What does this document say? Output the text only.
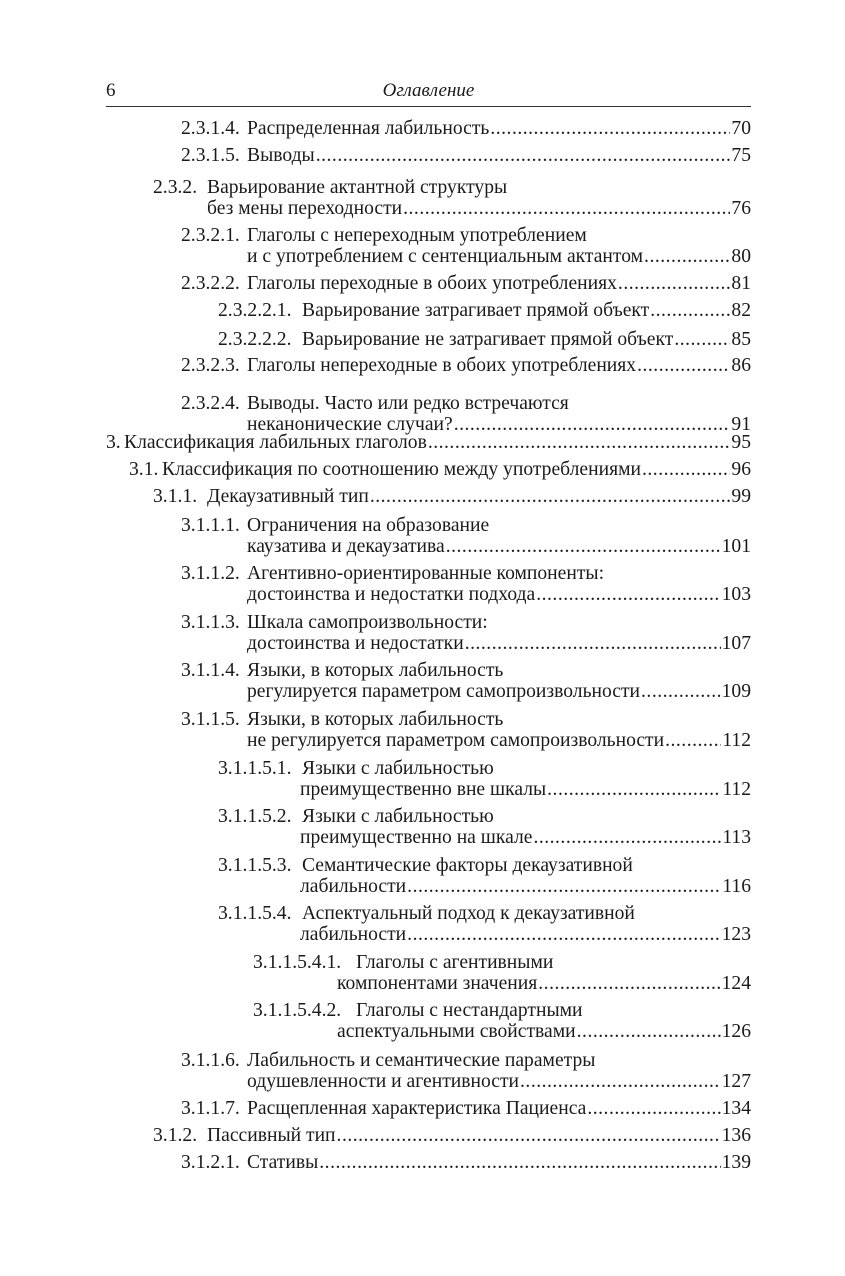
6	Оглавление
2.3.1.4. Распределенная лабильность .....	70
2.3.1.5. Выводы .....	75
2.3.2. Варьирование актантной структуры
без мены переходности .....	76
2.3.2.1. Глаголы с непереходным употреблением
и с употреблением с сентенциальным актантом .....	80
2.3.2.2. Глаголы переходные в обоих употреблениях .....	81
2.3.2.2.1. Варьирование затрагивает прямой объект .....	82
2.3.2.2.2. Варьирование не затрагивает прямой объект .....	85
2.3.2.3. Глаголы непереходные в обоих употреблениях .....	86
2.3.2.4. Выводы. Часто или редко встречаются
неканонические случаи? .....	91
3. Классификация лабильных глаголов .....	95
3.1. Классификация по соотношению между употреблениями .....	96
3.1.1. Декаузативный тип .....	99
3.1.1.1. Ограничения на образование
каузатива и декаузатива .....	101
3.1.1.2. Агентивно-ориентированные компоненты:
достоинства и недостатки подхода .....	103
3.1.1.3. Шкала самопроизвольности:
достоинства и недостатки .....	107
3.1.1.4. Языки, в которых лабильность
регулируется параметром самопроизвольности .....	109
3.1.1.5. Языки, в которых лабильность
не регулируется параметром самопроизвольности .....	112
3.1.1.5.1. Языки с лабильностью
преимущественно вне шкалы .....	112
3.1.1.5.2. Языки с лабильностью
преимущественно на шкале .....	113
3.1.1.5.3. Семантические факторы декаузативной
лабильности .....	116
3.1.1.5.4. Аспектуальный подход к декаузативной
лабильности .....	123
3.1.1.5.4.1. Глаголы с агентивными
компонентами значения .....	124
3.1.1.5.4.2. Глаголы с нестандартными
аспектуальными свойствами .....	126
3.1.1.6. Лабильность и семантические параметры
одушевленности и агентивности .....	127
3.1.1.7. Расщепленная характеристика Пациенса .....	134
3.1.2. Пассивный тип .....	136
3.1.2.1. Стативы .....	139
